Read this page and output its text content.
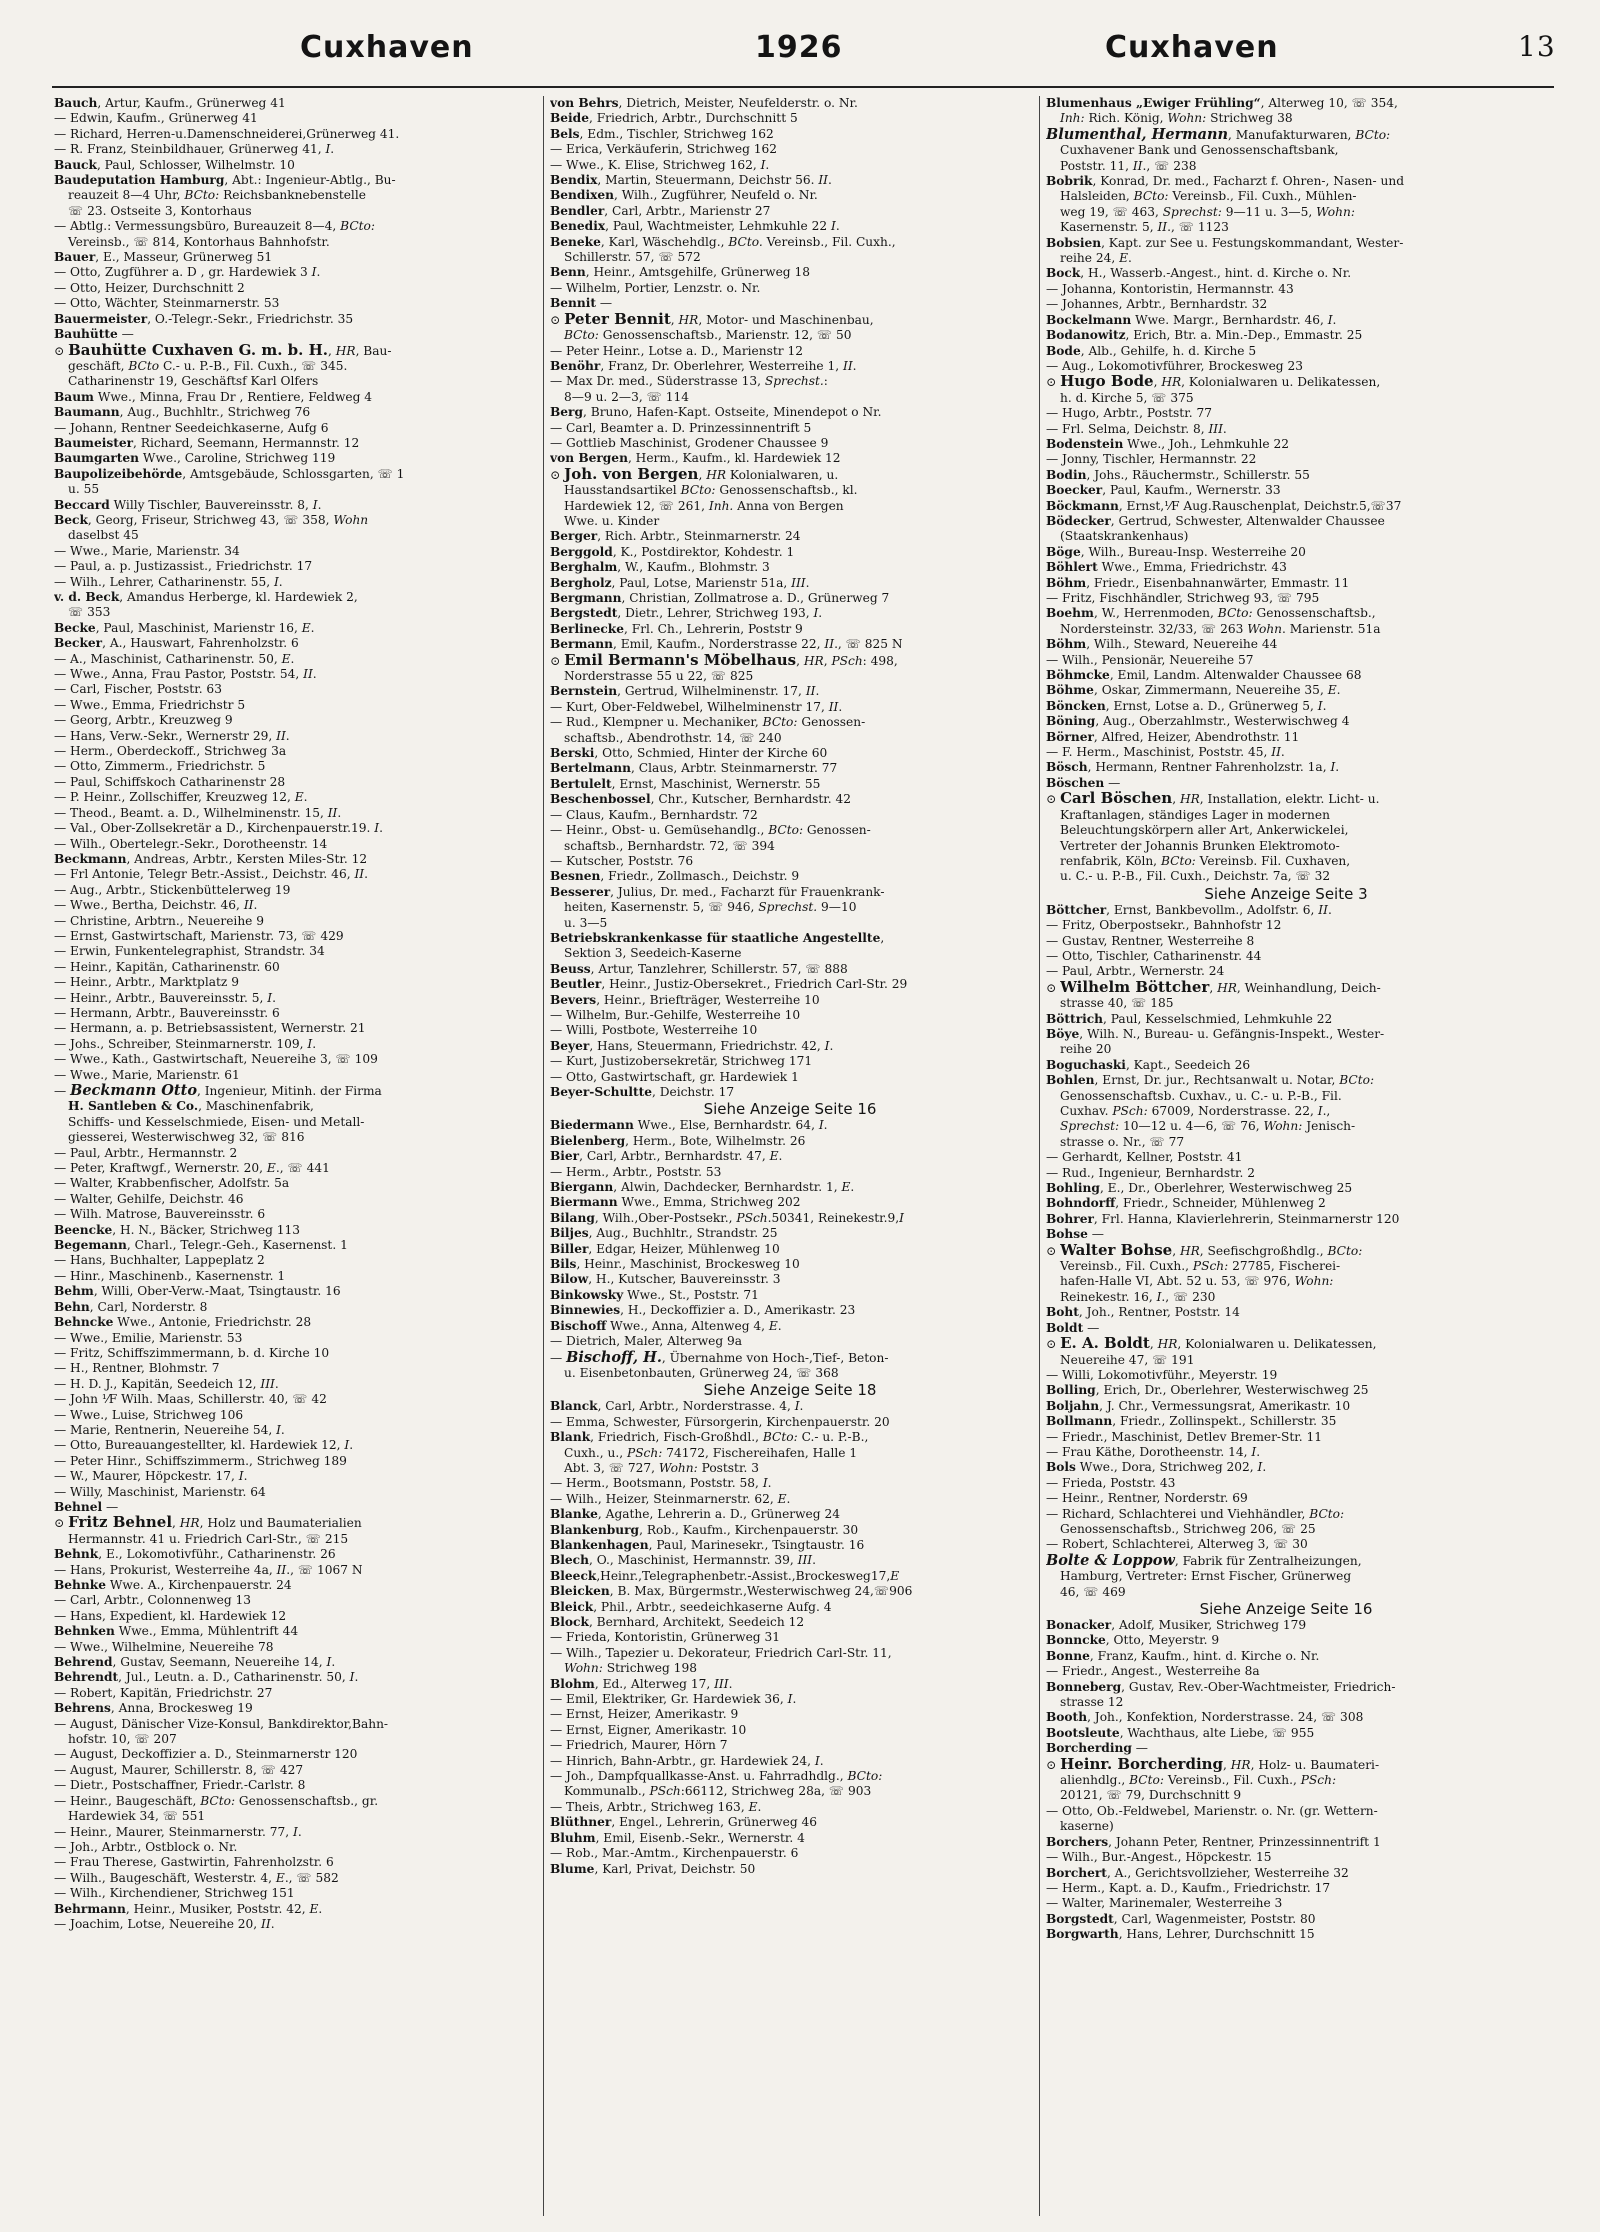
Cuxhaven	1926	Cuxhaven	13
Bauch, Artur, Kaufm., Grünerweg 41
— Edwin, Kaufm., Grünerweg 41
— Richard, Herren-u.Damenschneiderei,Grünerweg 41.
— R. Franz, Steinbildhauer, Grünerweg 41, I.
Bauck, Paul, Schlosser, Wilhelmstr. 10
Baudeputation Hamburg, Abt.: Ingenieur-Abtlg., Bu-
reauzeit 8—4 Uhr, BCto: Reichsbanknebenstelle
☏ 23. Ostseite 3, Kontorhaus
— Abtlg.: Vermessungsbüro, Bureauzeit 8—4, BCto:
Vereinsb., ☏ 814, Kontorhaus Bahnhofstr.
Bauer, E., Masseur, Grünerweg 51
— Otto, Zugführer a. D , gr. Hardewiek 3 I.
— Otto, Heizer, Durchschnitt 2
— Otto, Wächter, Steinmarnerstr. 53
Bauermeister, O.-Telegr.-Sekr., Friedrichstr. 35
Bauhütte —
⊙ Bauhütte Cuxhaven G. m. b. H., HR, Bau-
geschäft, BCto C.- u. P.-B., Fil. Cuxh., ☏ 345.
Catharinenstr 19, Geschäftsf Karl Olfers
Baum Wwe., Minna, Frau Dr , Rentiere, Feldweg 4
Baumann, Aug., Buchhltr., Strichweg 76
— Johann, Rentner Seedeichkaserne, Aufg 6
Baumeister, Richard, Seemann, Hermannstr. 12
Baumgarten Wwe., Caroline, Strichweg 119
Baupolizeibehörde, Amtsgebäude, Schlossgarten, ☏ 1
u. 55
Beccard Willy Tischler, Bauvereinsstr. 8, I.
Beck, Georg, Friseur, Strichweg 43, ☏ 358, Wohn
daselbst 45
— Wwe., Marie, Marienstr. 34
— Paul, a. p. Justizassist., Friedrichstr. 17
— Wilh., Lehrer, Catharinenstr. 55, I.
v. d. Beck, Amandus Herberge, kl. Hardewiek 2,
☏ 353
Becke, Paul, Maschinist, Marienstr 16, E.
Becker, A., Hauswart, Fahrenholzstr. 6
— A., Maschinist, Catharinenstr. 50, E.
— Wwe., Anna, Frau Pastor, Poststr. 54, II.
— Carl, Fischer, Poststr. 63
— Wwe., Emma, Friedrichstr 5
— Georg, Arbtr., Kreuzweg 9
— Hans, Verw.-Sekr., Wernerstr 29, II.
— Herm., Oberdeckoff., Strichweg 3a
— Otto, Zimmerm., Friedrichstr. 5
— Paul, Schiffskoch Catharinenstr 28
— P. Heinr., Zollschiffer, Kreuzweg 12, E.
— Theod., Beamt. a. D., Wilhelminenstr. 15, II.
— Val., Ober-Zollsekretär a D., Kirchenpauerstr.19. I.
— Wilh., Obertelegr.-Sekr., Dorotheenstr. 14
Beckmann, Andreas, Arbtr., Kersten Miles-Str. 12
— Frl Antonie, Telegr Betr.-Assist., Deichstr. 46, II.
— Aug., Arbtr., Stickenbüttelerweg 19
— Wwe., Bertha, Deichstr. 46, II.
— Christine, Arbtrn., Neuereihe 9
— Ernst, Gastwirtschaft, Marienstr. 73, ☏ 429
— Erwin, Funkentelegraphist, Strandstr. 34
— Heinr., Kapitän, Catharinenstr. 60
— Heinr., Arbtr., Marktplatz 9
— Heinr., Arbtr., Bauvereinsstr. 5, I.
— Hermann, Arbtr., Bauvereinsstr. 6
— Hermann, a. p. Betriebsassistent, Wernerstr. 21
— Johs., Schreiber, Steinmarnerstr. 109, I.
— Wwe., Kath., Gastwirtschaft, Neuereihe 3, ☏ 109
— Wwe., Marie, Marienstr. 61
— Beckmann Otto, Ingenieur, Mitinh. der Firma
H. Santleben & Co., Maschinenfabrik,
Schiffs- und Kesselschmiede, Eisen- und Metall-
giesserei, Westerwischweg 32, ☏ 816
— Paul, Arbtr., Hermannstr. 2
— Peter, Kraftwgf., Wernerstr. 20, E., ☏ 441
— Walter, Krabbenfischer, Adolfstr. 5a
— Walter, Gehilfe, Deichstr. 46
— Wilh. Matrose, Bauvereinsstr. 6
Beencke, H. N., Bäcker, Strichweg 113
Begemann, Charl., Telegr.-Geh., Kasernenst. 1
— Hans, Buchhalter, Lappeplatz 2
— Hinr., Maschinenb., Kasernenstr. 1
Behm, Willi, Ober-Verw.-Maat, Tsingtaustr. 16
Behn, Carl, Norderstr. 8
Behncke Wwe., Antonie, Friedrichstr. 28
— Wwe., Emilie, Marienstr. 53
— Fritz, Schiffszimmermann, b. d. Kirche 10
— H., Rentner, Blohmstr. 7
— H. D. J., Kapitän, Seedeich 12, III.
— John ⅟F Wilh. Maas, Schillerstr. 40, ☏ 42
— Wwe., Luise, Strichweg 106
— Marie, Rentnerin, Neuereihe 54, I.
— Otto, Bureauangestellter, kl. Hardewiek 12, I.
— Peter Hinr., Schiffszimmerm., Strichweg 189
— W., Maurer, Höpckestr. 17, I.
— Willy, Maschinist, Marienstr. 64
Behnel —
⊙ Fritz Behnel, HR, Holz und Baumaterialien
Hermannstr. 41 u. Friedrich Carl-Str., ☏ 215
Behnk, E., Lokomotivführ., Catharinenstr. 26
— Hans, Prokurist, Westerreihe 4a, II., ☏ 1067 N
Behnke Wwe. A., Kirchenpauerstr. 24
— Carl, Arbtr., Colonnenweg 13
— Hans, Expedient, kl. Hardewiek 12
Behnken Wwe., Emma, Mühlentrift 44
— Wwe., Wilhelmine, Neuereihe 78
Behrend, Gustav, Seemann, Neuereihe 14, I.
Behrendt, Jul., Leutn. a. D., Catharinenstr. 50, I.
— Robert, Kapitän, Friedrichstr. 27
Behrens, Anna, Brockesweg 19
— August, Dänischer Vize-Konsul, Bankdirektor,Bahn-
hofstr. 10, ☏ 207
— August, Deckoffizier a. D., Steinmarnerstr 120
— August, Maurer, Schillerstr. 8, ☏ 427
— Dietr., Postschaffner, Friedr.-Carlstr. 8
— Heinr., Baugeschäft, BCto: Genossenschaftsb., gr.
Hardewiek 34, ☏ 551
— Heinr., Maurer, Steinmarnerstr. 77, I.
— Joh., Arbtr., Ostblock o. Nr.
— Frau Therese, Gastwirtin, Fahrenholzstr. 6
— Wilh., Baugeschäft, Westerstr. 4, E., ☏ 582
— Wilh., Kirchendiener, Strichweg 151
Behrmann, Heinr., Musiker, Poststr. 42, E.
— Joachim, Lotse, Neuereihe 20, II.
von Behrs, Dietrich, Meister, Neufelderstr. o. Nr.
Beide, Friedrich, Arbtr., Durchschnitt 5
Bels, Edm., Tischler, Strichweg 162
— Erica, Verkäuferin, Strichweg 162
— Wwe., K. Elise, Strichweg 162, I.
Bendix, Martin, Steuermann, Deichstr 56. II.
Bendixen, Wilh., Zugführer, Neufeld o. Nr.
Bendler, Carl, Arbtr., Marienstr 27
Benedix, Paul, Wachtmeister, Lehmkuhle 22 I.
Beneke, Karl, Wäschehdlg., BCto. Vereinsb., Fil. Cuxh.,
Schillerstr. 57, ☏ 572
Benn, Heinr., Amtsgehilfe, Grünerweg 18
— Wilhelm, Portier, Lenzstr. o. Nr.
Bennit —
⊙ Peter Bennit, HR, Motor- und Maschinenbau,
BCto: Genossenschaftsb., Marienstr. 12, ☏ 50
— Peter Heinr., Lotse a. D., Marienstr 12
Benöhr, Franz, Dr. Oberlehrer, Westerreihe 1, II.
— Max Dr. med., Süderstrasse 13, Sprechst.:
8—9 u. 2—3, ☏ 114
Berg, Bruno, Hafen-Kapt. Ostseite, Minendepot o Nr.
— Carl, Beamter a. D. Prinzessinnentrift 5
— Gottlieb Maschinist, Grodener Chaussee 9
von Bergen, Herm., Kaufm., kl. Hardewiek 12
⊙ Joh. von Bergen, HR Kolonialwaren, u.
Hausstandsartikel BCto: Genossenschaftsb., kl.
Hardewiek 12, ☏ 261, Inh. Anna von Bergen
Wwe. u. Kinder
Berger, Rich. Arbtr., Steinmarnerstr. 24
Berggold, K., Postdirektor, Kohdestr. 1
Berghalm, W., Kaufm., Blohmstr. 3
Bergholz, Paul, Lotse, Marienstr 51a, III.
Bergmann, Christian, Zollmatrose a. D., Grünerweg 7
Bergstedt, Dietr., Lehrer, Strichweg 193, I.
Berlinecke, Frl. Ch., Lehrerin, Poststr 9
Bermann, Emil, Kaufm., Norderstrasse 22, II., ☏ 825 N
⊙ Emil Bermann's Möbelhaus, HR, PSch: 498,
Norderstrasse 55 u 22, ☏ 825
Bernstein, Gertrud, Wilhelminenstr. 17, II.
— Kurt, Ober-Feldwebel, Wilhelminenstr 17, II.
— Rud., Klempner u. Mechaniker, BCto: Genossen-
schaftsb., Abendrothstr. 14, ☏ 240
Berski, Otto, Schmied, Hinter der Kirche 60
Bertelmann, Claus, Arbtr. Steinmarnerstr. 77
Bertulelt, Ernst, Maschinist, Wernerstr. 55
Beschenbossel, Chr., Kutscher, Bernhardstr. 42
— Claus, Kaufm., Bernhardstr. 72
— Heinr., Obst- u. Gemüsehandlg., BCto: Genossen-
schaftsb., Bernhardstr. 72, ☏ 394
— Kutscher, Poststr. 76
Besnen, Friedr., Zollmasch., Deichstr. 9
Besserer, Julius, Dr. med., Facharzt für Frauenkrank-
heiten, Kasernenstr. 5, ☏ 946, Sprechst. 9—10
u. 3—5
Betriebskrankenkasse für staatliche Angestellte,
Sektion 3, Seedeich-Kaserne
Beuss, Artur, Tanzlehrer, Schillerstr. 57, ☏ 888
Beutler, Heinr., Justiz-Obersekret., Friedrich Carl-Str. 29
Bevers, Heinr., Briefträger, Westerreihe 10
— Wilhelm, Bur.-Gehilfe, Westerreihe 10
— Willi, Postbote, Westerreihe 10
Beyer, Hans, Steuermann, Friedrichstr. 42, I.
— Kurt, Justizobersekretär, Strichweg 171
— Otto, Gastwirtschaft, gr. Hardewiek 1
Beyer-Schultte, Deichstr. 17
Siehe Anzeige Seite 16
Biedermann Wwe., Else, Bernhardstr. 64, I.
Bielenberg, Herm., Bote, Wilhelmstr. 26
Bier, Carl, Arbtr., Bernhardstr. 47, E.
— Herm., Arbtr., Poststr. 53
Biergann, Alwin, Dachdecker, Bernhardstr. 1, E.
Biermann Wwe., Emma, Strichweg 202
Bilang, Wilh.,Ober-Postsekr., PSch.50341, Reinekestr.9,I
Biljes, Aug., Buchhltr., Strandstr. 25
Biller, Edgar, Heizer, Mühlenweg 10
Bils, Heinr., Maschinist, Brockesweg 10
Bilow, H., Kutscher, Bauvereinsstr. 3
Binkowsky Wwe., St., Poststr. 71
Binnewies, H., Deckoffizier a. D., Amerikastr. 23
Bischoff Wwe., Anna, Altenweg 4, E.
— Dietrich, Maler, Alterweg 9a
— Bischoff, H., Übernahme von Hoch-,Tief-, Beton-
u. Eisenbetonbauten, Grünerweg 24, ☏ 368
Siehe Anzeige Seite 18
Blanck, Carl, Arbtr., Norderstrasse. 4, I.
— Emma, Schwester, Fürsorgerin, Kirchenpauerstr. 20
Blank, Friedrich, Fisch-Großhdl., BCto: C.- u. P.-B.,
Cuxh., u., PSch: 74172, Fischereihafen, Halle 1
Abt. 3, ☏ 727, Wohn: Poststr. 3
— Herm., Bootsmann, Poststr. 58, I.
— Wilh., Heizer, Steinmarnerstr. 62, E.
Blanke, Agathe, Lehrerin a. D., Grünerweg 24
Blankenburg, Rob., Kaufm., Kirchenpauerstr. 30
Blankenhagen, Paul, Marinesekr., Tsingtaustr. 16
Blech, O., Maschinist, Hermannstr. 39, III.
Bleeck,Heinr.,Telegraphenbetr.-Assist.,Brockesweg17,E
Bleicken, B. Max, Bürgermstr.,Westerwischweg 24,☏906
Bleick, Phil., Arbtr., seedeichkaserne Aufg. 4
Block, Bernhard, Architekt, Seedeich 12
— Frieda, Kontoristin, Grünerweg 31
— Wilh., Tapezier u. Dekorateur, Friedrich Carl-Str. 11,
Wohn: Strichweg 198
Blohm, Ed., Alterweg 17, III.
— Emil, Elektriker, Gr. Hardewiek 36, I.
— Ernst, Heizer, Amerikastr. 9
— Ernst, Eigner, Amerikastr. 10
— Friedrich, Maurer, Hörn 7
— Hinrich, Bahn-Arbtr., gr. Hardewiek 24, I.
— Joh., Dampfquallkasse-Anst. u. Fahrradhdlg., BCto:
Kommunalb., PSch:66112, Strichweg 28a, ☏ 903
— Theis, Arbtr., Strichweg 163, E.
Blüthner, Engel., Lehrerin, Grünerweg 46
Bluhm, Emil, Eisenb.-Sekr., Wernerstr. 4
— Rob., Mar.-Amtm., Kirchenpauerstr. 6
Blume, Karl, Privat, Deichstr. 50
Blumenhaus „Ewiger Frühling“, Alterweg 10, ☏ 354,
Inh: Rich. König, Wohn: Strichweg 38
Blumenthal, Hermann, Manufakturwaren, BCto:
Cuxhavener Bank und Genossenschaftsbank,
Poststr. 11, II., ☏ 238
Bobrik, Konrad, Dr. med., Facharzt f. Ohren-, Nasen- und
Halsleiden, BCto: Vereinsb., Fil. Cuxh., Mühlen-
weg 19, ☏ 463, Sprechst: 9—11 u. 3—5, Wohn:
Kasernenstr. 5, II., ☏ 1123
Bobsien, Kapt. zur See u. Festungskommandant, Wester-
reihe 24, E.
Bock, H., Wasserb.-Angest., hint. d. Kirche o. Nr.
— Johanna, Kontoristin, Hermannstr. 43
— Johannes, Arbtr., Bernhardstr. 32
Bockelmann Wwe. Margr., Bernhardstr. 46, I.
Bodanowitz, Erich, Btr. a. Min.-Dep., Emmastr. 25
Bode, Alb., Gehilfe, h. d. Kirche 5
— Aug., Lokomotivführer, Brockesweg 23
⊙ Hugo Bode, HR, Kolonialwaren u. Delikatessen,
h. d. Kirche 5, ☏ 375
— Hugo, Arbtr., Poststr. 77
— Frl. Selma, Deichstr. 8, III.
Bodenstein Wwe., Joh., Lehmkuhle 22
— Jonny, Tischler, Hermannstr. 22
Bodin, Johs., Räuchermstr., Schillerstr. 55
Boecker, Paul, Kaufm., Wernerstr. 33
Böckmann, Ernst,⅟F Aug.Rauschenplat, Deichstr.5,☏37
Bödecker, Gertrud, Schwester, Altenwalder Chaussee
(Staatskrankenhaus)
Böge, Wilh., Bureau-Insp. Westerreihe 20
Böhlert Wwe., Emma, Friedrichstr. 43
Böhm, Friedr., Eisenbahnanwärter, Emmastr. 11
— Fritz, Fischhändler, Strichweg 93, ☏ 795
Boehm, W., Herrenmoden, BCto: Genossenschaftsb.,
Nordersteinstr. 32/33, ☏ 263 Wohn. Marienstr. 51a
Böhm, Wilh., Steward, Neuereihe 44
— Wilh., Pensionär, Neuereihe 57
Böhmcke, Emil, Landm. Altenwalder Chaussee 68
Böhme, Oskar, Zimmermann, Neuereihe 35, E.
Böncken, Ernst, Lotse a. D., Grünerweg 5, I.
Böning, Aug., Oberzahlmstr., Westerwischweg 4
Börner, Alfred, Heizer, Abendrothstr. 11
— F. Herm., Maschinist, Poststr. 45, II.
Bösch, Hermann, Rentner Fahrenholzstr. 1a, I.
Böschen —
⊙ Carl Böschen, HR, Installation, elektr. Licht- u.
Kraftanlagen, ständiges Lager in modernen
Beleuchtungskörpern aller Art, Ankerwickelei,
Vertreter der Johannis Brunken Elektromoto-
renfabrik, Köln, BCto: Vereinsb. Fil. Cuxhaven,
u. C.- u. P.-B., Fil. Cuxh., Deichstr. 7a, ☏ 32
Siehe Anzeige Seite 3
Böttcher, Ernst, Bankbevollm., Adolfstr. 6, II.
— Fritz, Oberpostsekr., Bahnhofstr 12
— Gustav, Rentner, Westerreihe 8
— Otto, Tischler, Catharinenstr. 44
— Paul, Arbtr., Wernerstr. 24
⊙ Wilhelm Böttcher, HR, Weinhandlung, Deich-
strasse 40, ☏ 185
Böttrich, Paul, Kesselschmied, Lehmkuhle 22
Böye, Wilh. N., Bureau- u. Gefängnis-Inspekt., Wester-
reihe 20
Boguchaski, Kapt., Seedeich 26
Bohlen, Ernst, Dr. jur., Rechtsanwalt u. Notar, BCto:
Genossenschaftsb. Cuxhav., u. C.- u. P.-B., Fil.
Cuxhav. PSch: 67009, Norderstrasse. 22, I.,
Sprechst: 10—12 u. 4—6, ☏ 76, Wohn: Jenisch-
strasse o. Nr., ☏ 77
— Gerhardt, Kellner, Poststr. 41
— Rud., Ingenieur, Bernhardstr. 2
Bohling, E., Dr., Oberlehrer, Westerwischweg 25
Bohndorff, Friedr., Schneider, Mühlenweg 2
Bohrer, Frl. Hanna, Klavierlehrerin, Steinmarnerstr 120
Bohse —
⊙ Walter Bohse, HR, Seefischgroßhdlg., BCto:
Vereinsb., Fil. Cuxh., PSch: 27785, Fischerei-
hafen-Halle VI, Abt. 52 u. 53, ☏ 976, Wohn:
Reinekestr. 16, I., ☏ 230
Boht, Joh., Rentner, Poststr. 14
Boldt —
⊙ E. A. Boldt, HR, Kolonialwaren u. Delikatessen,
Neuereihe 47, ☏ 191
— Willi, Lokomotivführ., Meyerstr. 19
Bolling, Erich, Dr., Oberlehrer, Westerwischweg 25
Boljahn, J. Chr., Vermessungsrat, Amerikastr. 10
Bollmann, Friedr., Zollinspekt., Schillerstr. 35
— Friedr., Maschinist, Detlev Bremer-Str. 11
— Frau Käthe, Dorotheenstr. 14, I.
Bols Wwe., Dora, Strichweg 202, I.
— Frieda, Poststr. 43
— Heinr., Rentner, Norderstr. 69
— Richard, Schlachterei und Viehhändler, BCto:
Genossenschaftsb., Strichweg 206, ☏ 25
— Robert, Schlachterei, Alterweg 3, ☏ 30
Bolte & Loppow, Fabrik für Zentralheizungen,
Hamburg, Vertreter: Ernst Fischer, Grünerweg
46, ☏ 469
Siehe Anzeige Seite 16
Bonacker, Adolf, Musiker, Strichweg 179
Bonncke, Otto, Meyerstr. 9
Bonne, Franz, Kaufm., hint. d. Kirche o. Nr.
— Friedr., Angest., Westerreihe 8a
Bonneberg, Gustav, Rev.-Ober-Wachtmeister, Friedrich-
strasse 12
Booth, Joh., Konfektion, Norderstrasse. 24, ☏ 308
Bootsleute, Wachthaus, alte Liebe, ☏ 955
Borcherding —
⊙ Heinr. Borcherding, HR, Holz- u. Baumateri-
alienhdlg., BCto: Vereinsb., Fil. Cuxh., PSch:
20121, ☏ 79, Durchschnitt 9
— Otto, Ob.-Feldwebel, Marienstr. o. Nr. (gr. Wettern-
kaserne)
Borchers, Johann Peter, Rentner, Prinzessinnentrift 1
— Wilh., Bur.-Angest., Höpckestr. 15
Borchert, A., Gerichtsvollzieher, Westerreihe 32
— Herm., Kapt. a. D., Kaufm., Friedrichstr. 17
— Walter, Marinemaler, Westerreihe 3
Borgstedt, Carl, Wagenmeister, Poststr. 80
Borgwarth, Hans, Lehrer, Durchschnitt 15
